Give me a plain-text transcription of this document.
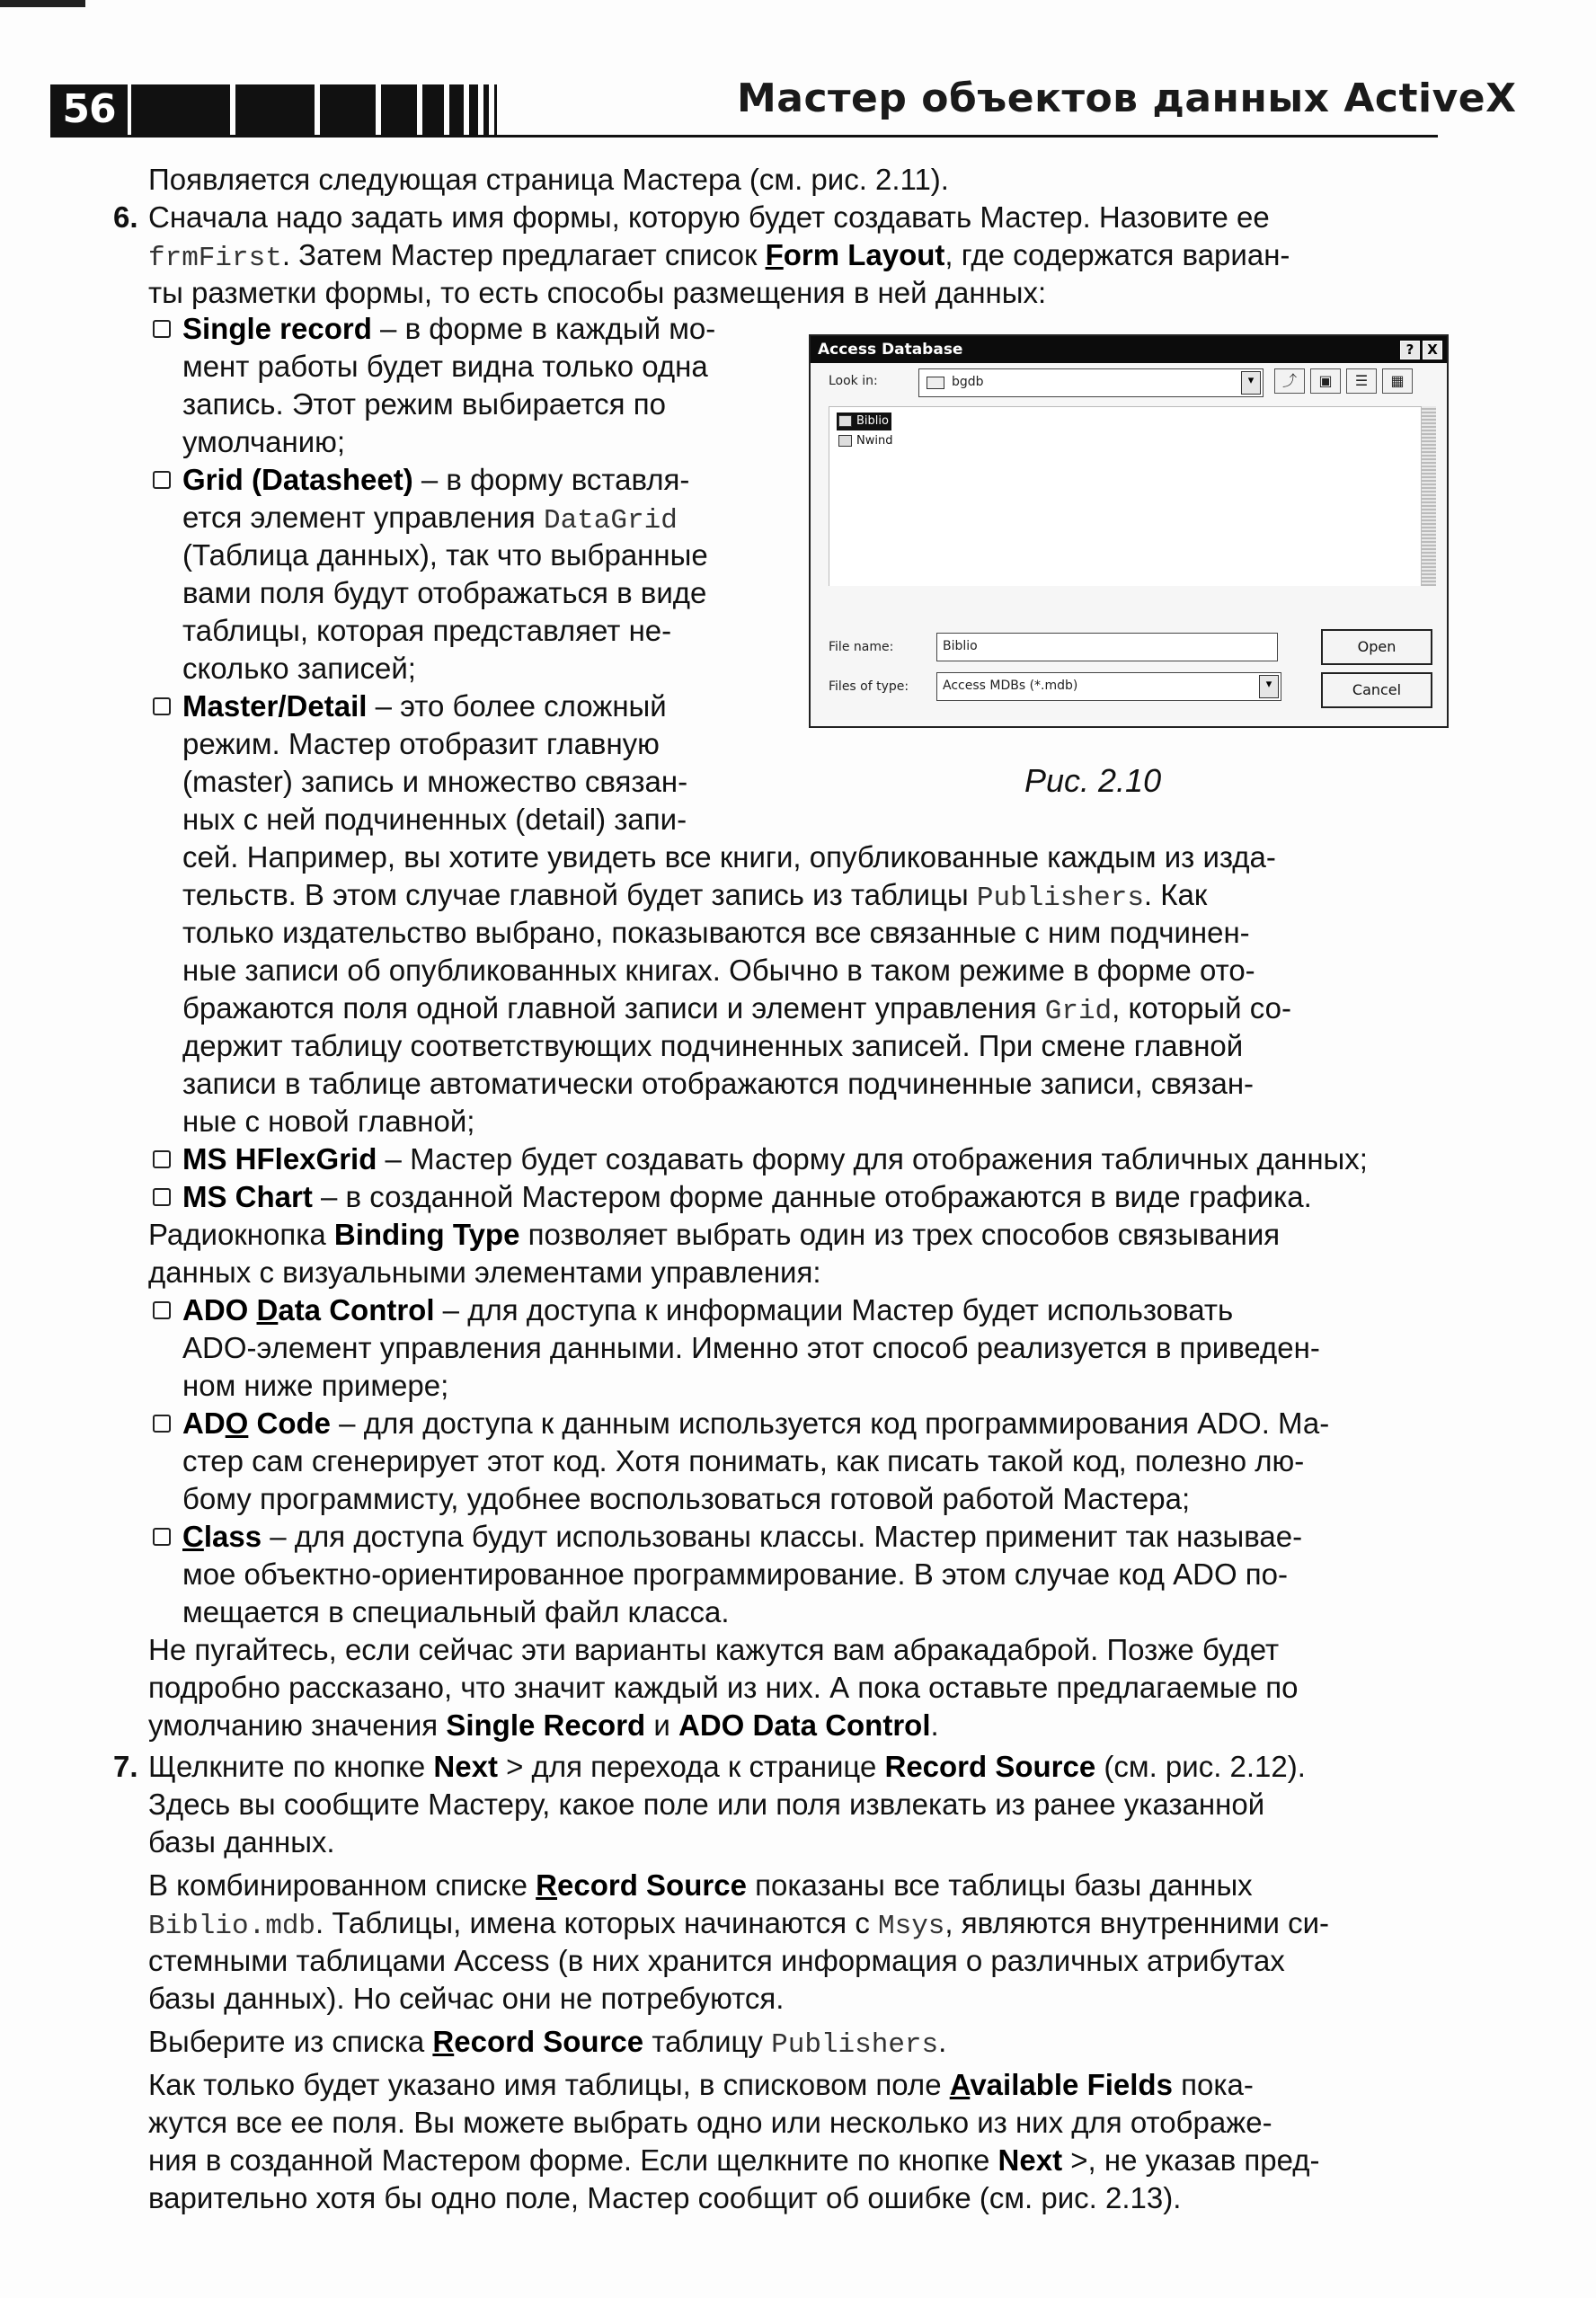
56	Мастер объектов данных ActiveX
Появляется следующая страница Мастера (см. рис. 2.11).
6. Сначала надо задать имя формы, которую будет создавать Мастер. Назовите ее
frmFirst. Затем Мастер предлагает список Form Layout, где содержатся вариан-
ты разметки формы, то есть способы размещения в ней данных:
Single record – в форме в каждый мо-
мент работы будет видна только одна
запись. Этот режим выбирается по
умолчанию;
Grid (Datasheet) – в форму вставля-
ется элемент управления DataGrid
(Таблица данных), так что выбранные
вами поля будут отображаться в виде
таблицы, которая представляет не-
сколько записей;
Master/Detail – это более сложный
режим. Мастер отобразит главную
(master) запись и множество связан-
ных с ней подчиненных (detail) запи-
сей. Например, вы хотите увидеть все книги, опубликованные каждым из изда-
тельств. В этом случае главной будет запись из таблицы Publishers. Как
только издательство выбрано, показываются все связанные с ним подчинен-
ные записи об опубликованных книгах. Обычно в таком режиме в форме ото-
бражаются поля одной главной записи и элемент управления Grid, который со-
держит таблицу соответствующих подчиненных записей. При смене главной
записи в таблице автоматически отображаются подчиненные записи, связан-
ные с новой главной;
MS HFlexGrid – Мастер будет создавать форму для отображения табличных данных;
MS Chart – в созданной Мастером форме данные отображаются в виде графика.
Радиокнопка Binding Type позволяет выбрать один из трех способов связывания
данных с визуальными элементами управления:
ADO Data Control – для доступа к информации Мастер будет использовать
ADO-элемент управления данными. Именно этот способ реализуется в приведен-
ном ниже примере;
ADO Code – для доступа к данным используется код программирования ADO. Ма-
стер сам сгенерирует этот код. Хотя понимать, как писать такой код, полезно лю-
бому программисту, удобнее воспользоваться готовой работой Мастера;
Class – для доступа будут использованы классы. Мастер применит так называе-
мое объектно-ориентированное программирование. В этом случае код ADO по-
мещается в специальный файл класса.
Не пугайтесь, если сейчас эти варианты кажутся вам абракадаброй. Позже будет
подробно рассказано, что значит каждый из них. А пока оставьте предлагаемые по
умолчанию значения Single Record и ADO Data Control.
7. Щелкните по кнопке Next > для перехода к странице Record Source (см. рис. 2.12).
Здесь вы сообщите Мастеру, какое поле или поля извлекать из ранее указанной
базы данных.
В комбинированном списке Record Source показаны все таблицы базы данных
Biblio.mdb. Таблицы, имена которых начинаются с Msys, являются внутренними си-
стемными таблицами Access (в них хранится информация о различных атрибутах
базы данных). Но сейчас они не потребуются.
Выберите из списка Record Source таблицу Publishers.
Как только будет указано имя таблицы, в списковом поле Available Fields пока-
жутся все ее поля. Вы можете выбрать одно или несколько из них для отображе-
ния в созданной Мастером форме. Если щелкните по кнопке Next >, не указав пред-
варительно хотя бы одно поле, Мастер сообщит об ошибке (см. рис. 2.13).
Access Database	? X
Look in:	bgdb	▾	⤴	▣	☰	▦
Biblio
Nwind
File name:	Biblio
Files of type:	Access MDBs (*.mdb)	▾
Open
Cancel
Рис. 2.10
